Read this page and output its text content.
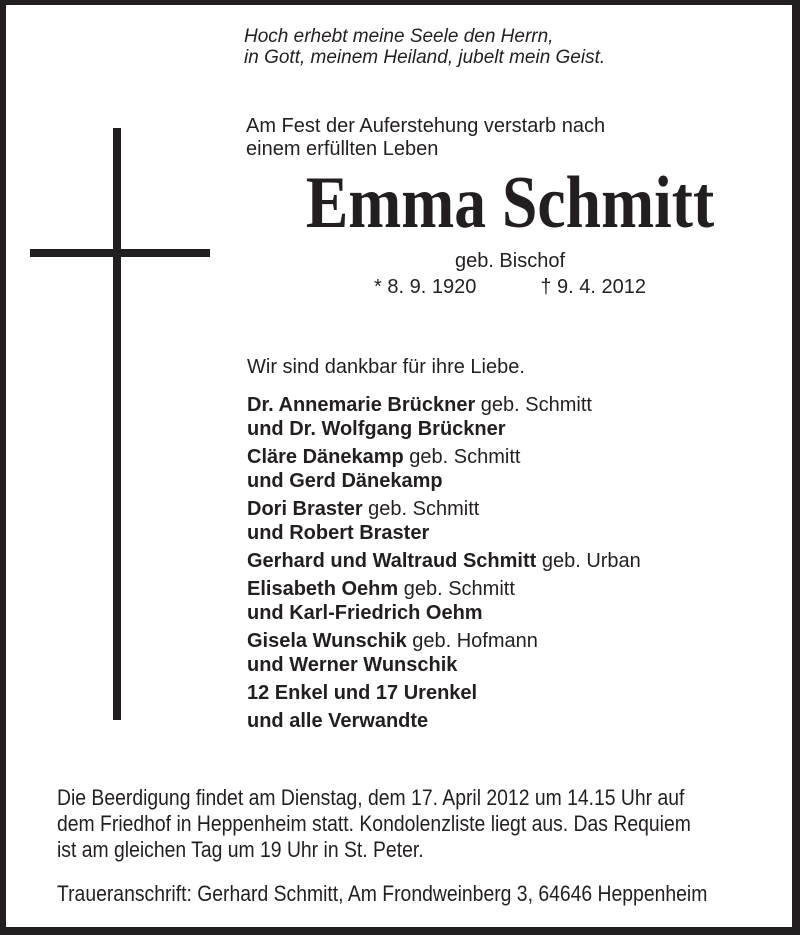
Hoch erhebt meine Seele den Herrn,
in Gott, meinem Heiland, jubelt mein Geist.
Am Fest der Auferstehung verstarb nach
einem erfüllten Leben
Emma Schmitt
geb. Bischof
* 8. 9. 1920	† 9. 4. 2012
Wir sind dankbar für ihre Liebe.
Dr. Annemarie Brückner geb. Schmitt
und Dr. Wolfgang Brückner
Cläre Dänekamp geb. Schmitt
und Gerd Dänekamp
Dori Braster geb. Schmitt
und Robert Braster
Gerhard und Waltraud Schmitt geb. Urban
Elisabeth Oehm geb. Schmitt
und Karl-Friedrich Oehm
Gisela Wunschik geb. Hofmann
und Werner Wunschik
12 Enkel und 17 Urenkel
und alle Verwandte
Die Beerdigung findet am Dienstag, dem 17. April 2012 um 14.15 Uhr auf
dem Friedhof in Heppenheim statt. Kondolenzliste liegt aus. Das Requiem
ist am gleichen Tag um 19 Uhr in St. Peter.
Traueranschrift: Gerhard Schmitt, Am Frondweinberg 3, 64646 Heppenheim
